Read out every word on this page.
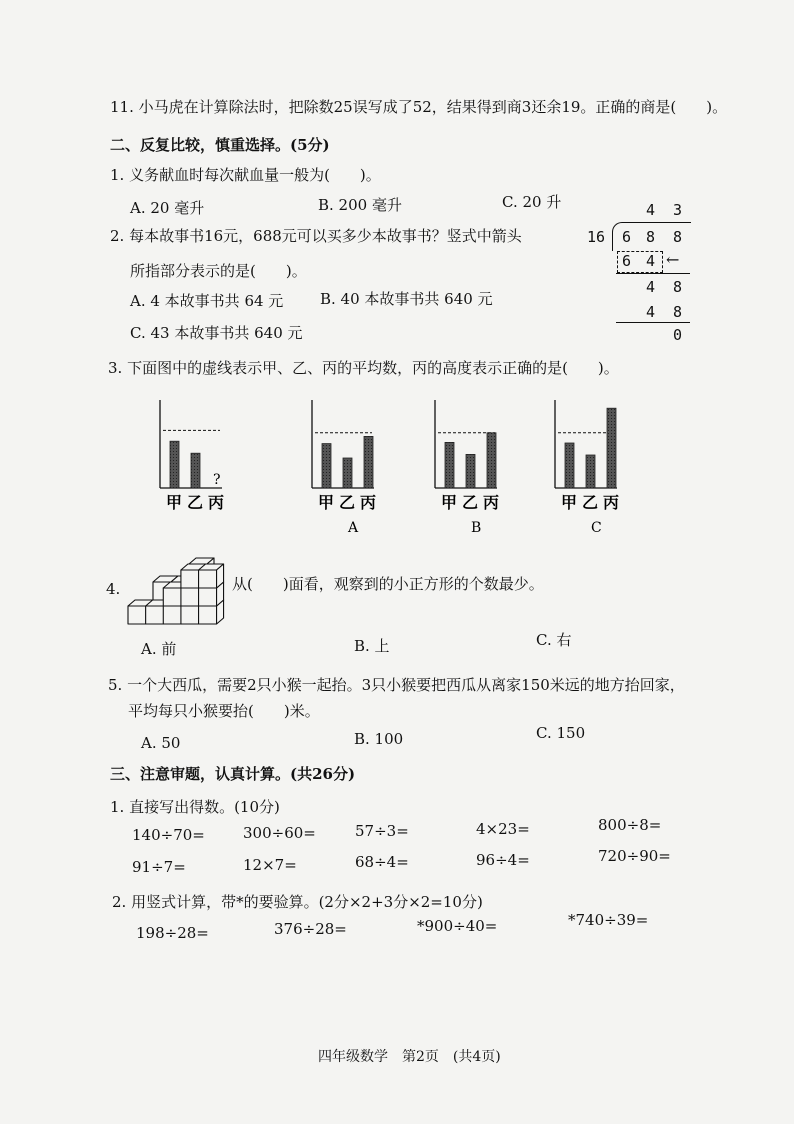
11. 小马虎在计算除法时，把除数25误写成了52，结果得到商3还余19。正确的商是(　　)。
二、反复比较，慎重选择。(5分)
1. 义务献血时每次献血量一般为(　　)。
A. 20 毫升	B. 200 毫升	C. 20 升
2. 每本故事书16元，688元可以买多少本故事书？竖式中箭头
所指部分表示的是(　　)。
A. 4 本故事书共 64 元 B. 40 本故事书共 640 元
C. 43 本故事书共 640 元
4 3
16 6 8 8
6 4 ←
4 8
4 8
0
3. 下面图中的虚线表示甲、乙、丙的平均数，丙的高度表示正确的是(　　)。
甲 乙
?
丙	甲 乙 丙
A
甲 乙 丙
B
甲 乙 丙
C
4.	从(　　)面看，观察到的小正方形的个数最少。
A. 前	B. 上	C. 右
5. 一个大西瓜，需要2只小猴一起抬。3只小猴要把西瓜从离家150米远的地方抬回家，
平均每只小猴要抬(　　)米。
A. 50	B. 100	C. 150
三、注意审题，认真计算。(共26分)
1. 直接写出得数。(10分)
140÷70=	300÷60=	57÷3=	4×23=	800÷8=
91÷7=	12×7=	68÷4=	96÷4=	720÷90=
2. 用竖式计算，带*的要验算。(2分×2+3分×2=10分)
198÷28=	376÷28=	*900÷40=	*740÷39=
四年级数学　第2页　(共4页)
